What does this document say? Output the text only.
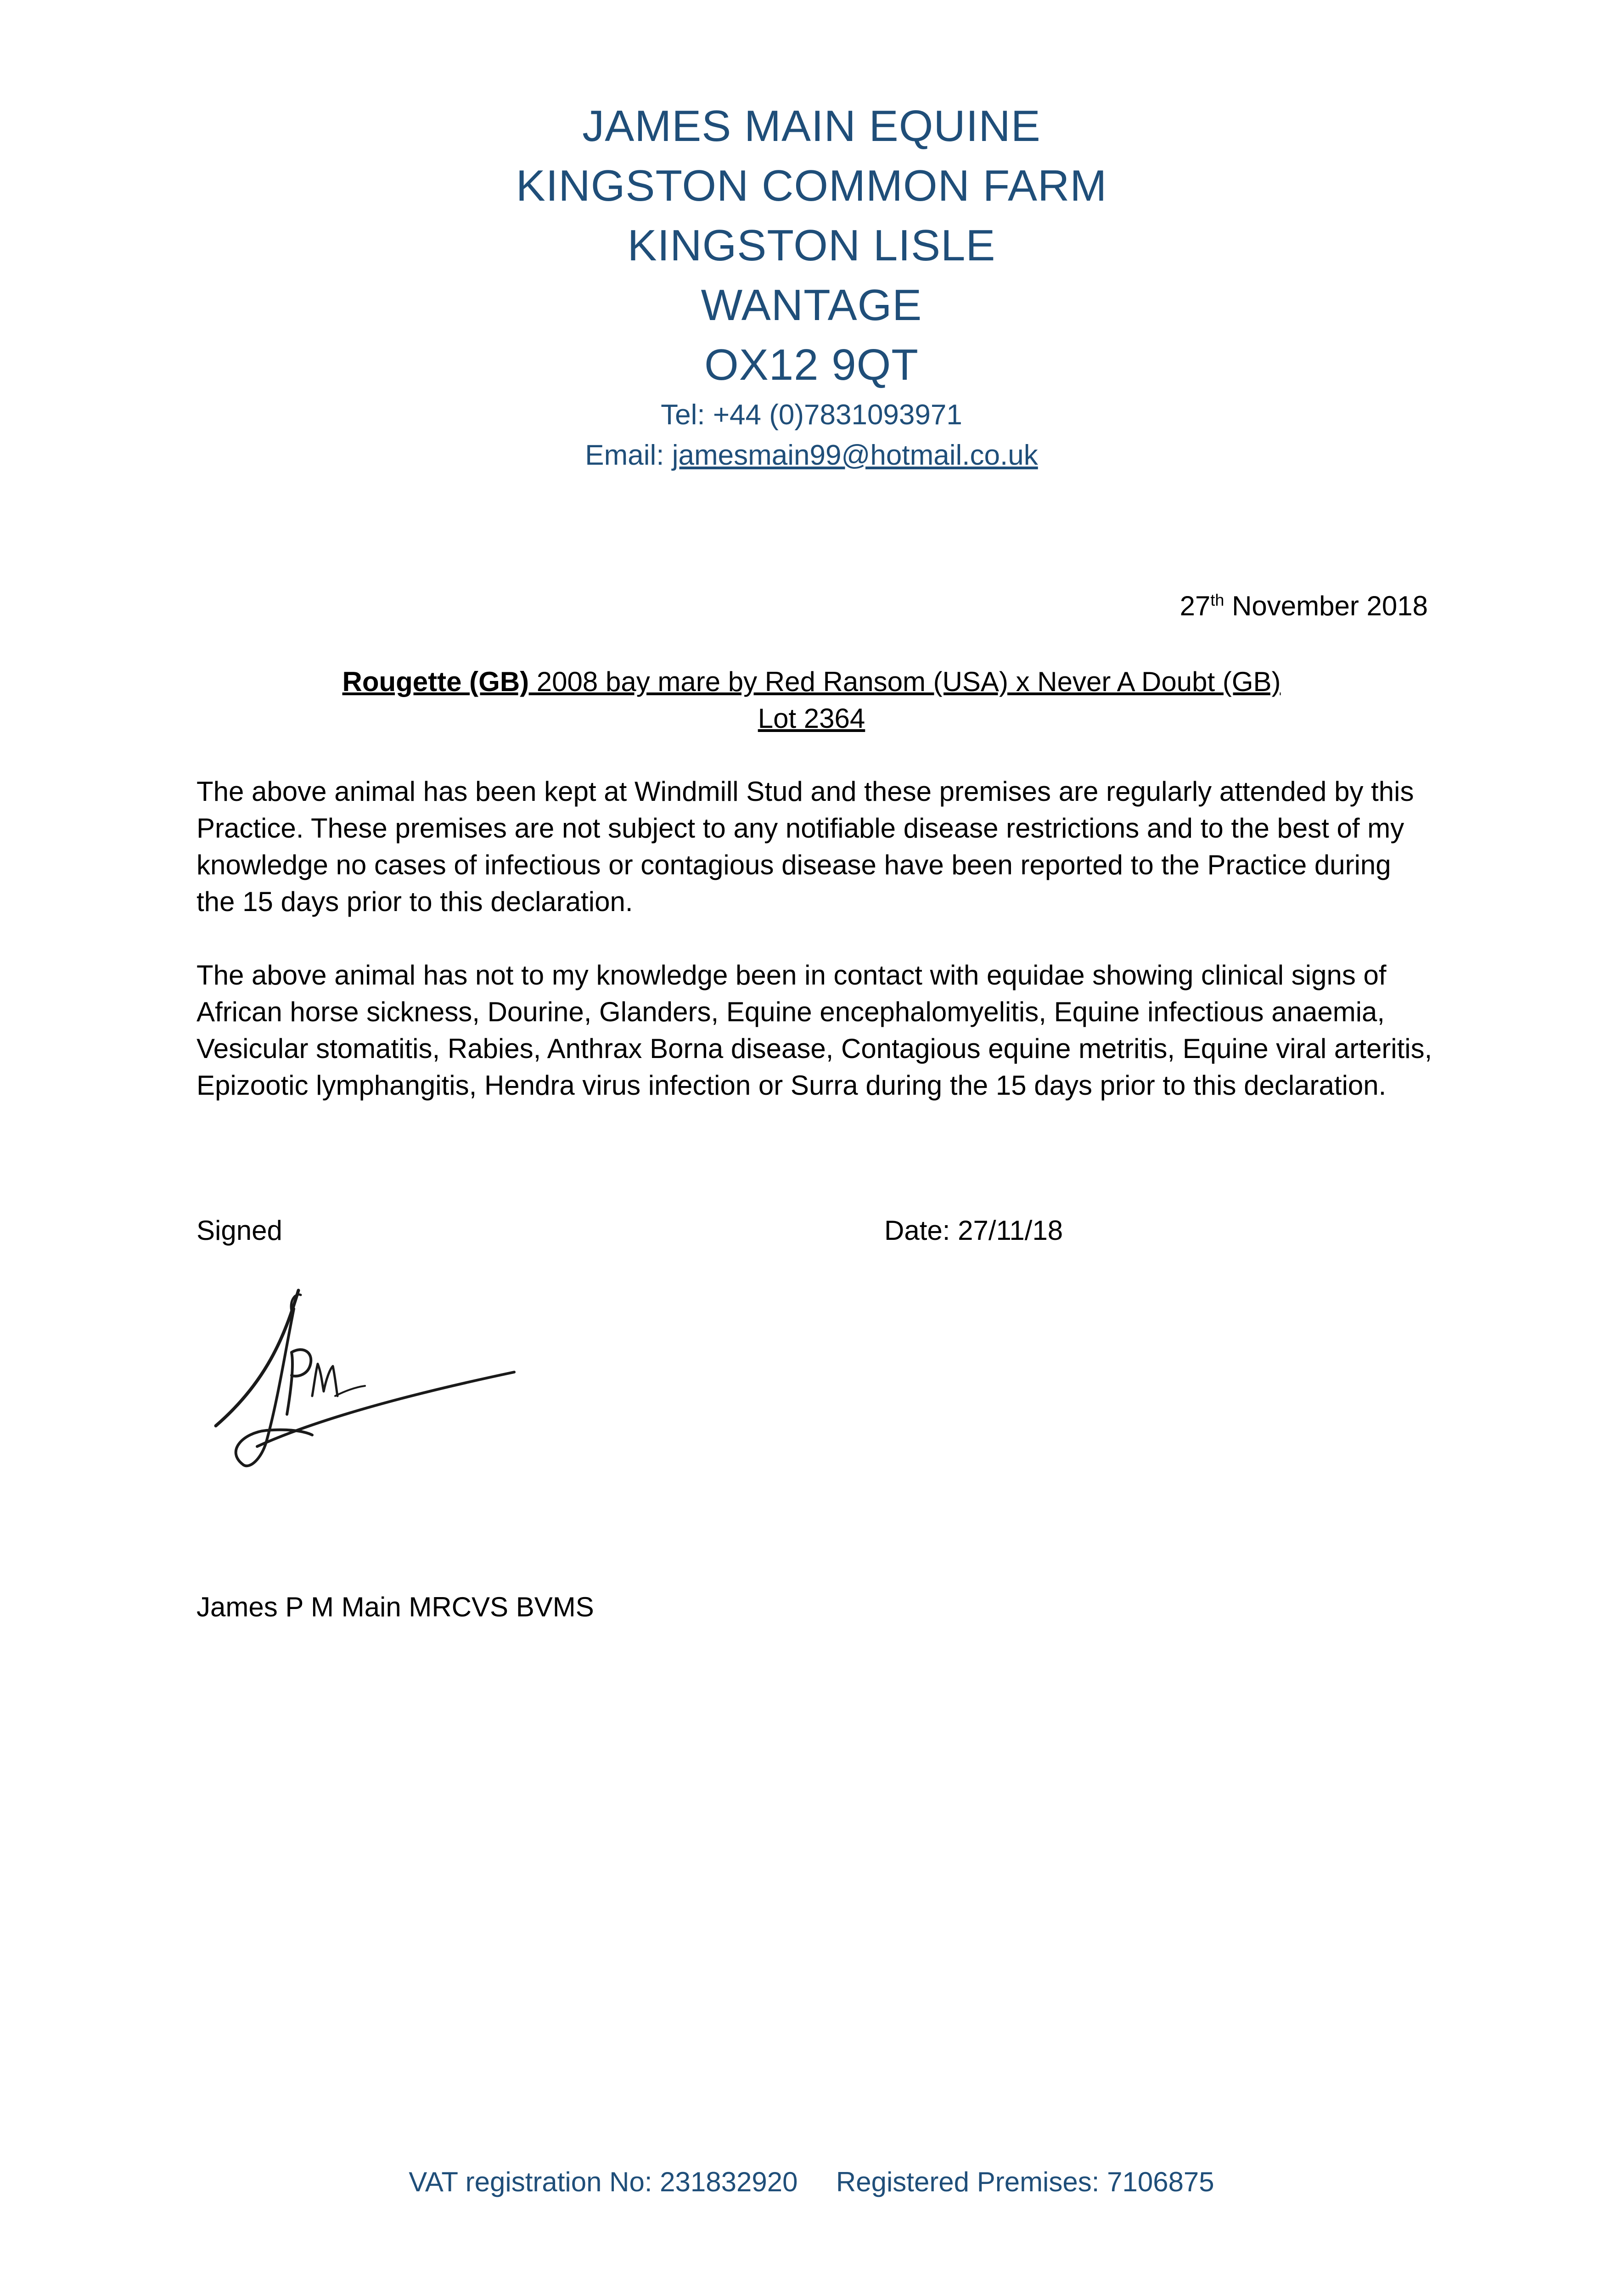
JAMES MAIN EQUINE
KINGSTON COMMON FARM
KINGSTON LISLE
WANTAGE
OX12 9QT
Tel: +44 (0)7831093971
Email: jamesmain99@hotmail.co.uk
27th November 2018
Rougette (GB) 2008 bay mare by Red Ransom (USA) x Never A Doubt (GB)
Lot 2364
The above animal has been kept at Windmill Stud and these premises are regularly attended by this Practice. These premises are not subject to any notifiable disease restrictions and to the best of my knowledge no cases of infectious or contagious disease have been reported to the Practice during the 15 days prior to this declaration.
The above animal has not to my knowledge been in contact with equidae showing clinical signs of African horse sickness, Dourine, Glanders, Equine encephalomyelitis, Equine infectious anaemia, Vesicular stomatitis, Rabies, Anthrax Borna disease, Contagious equine metritis, Equine viral arteritis, Epizootic lymphangitis, Hendra virus infection or Surra during the 15 days prior to this declaration.
Signed	Date: 27/11/18
James P M Main MRCVS BVMS
VAT registration No: 231832920 Registered Premises: 7106875
